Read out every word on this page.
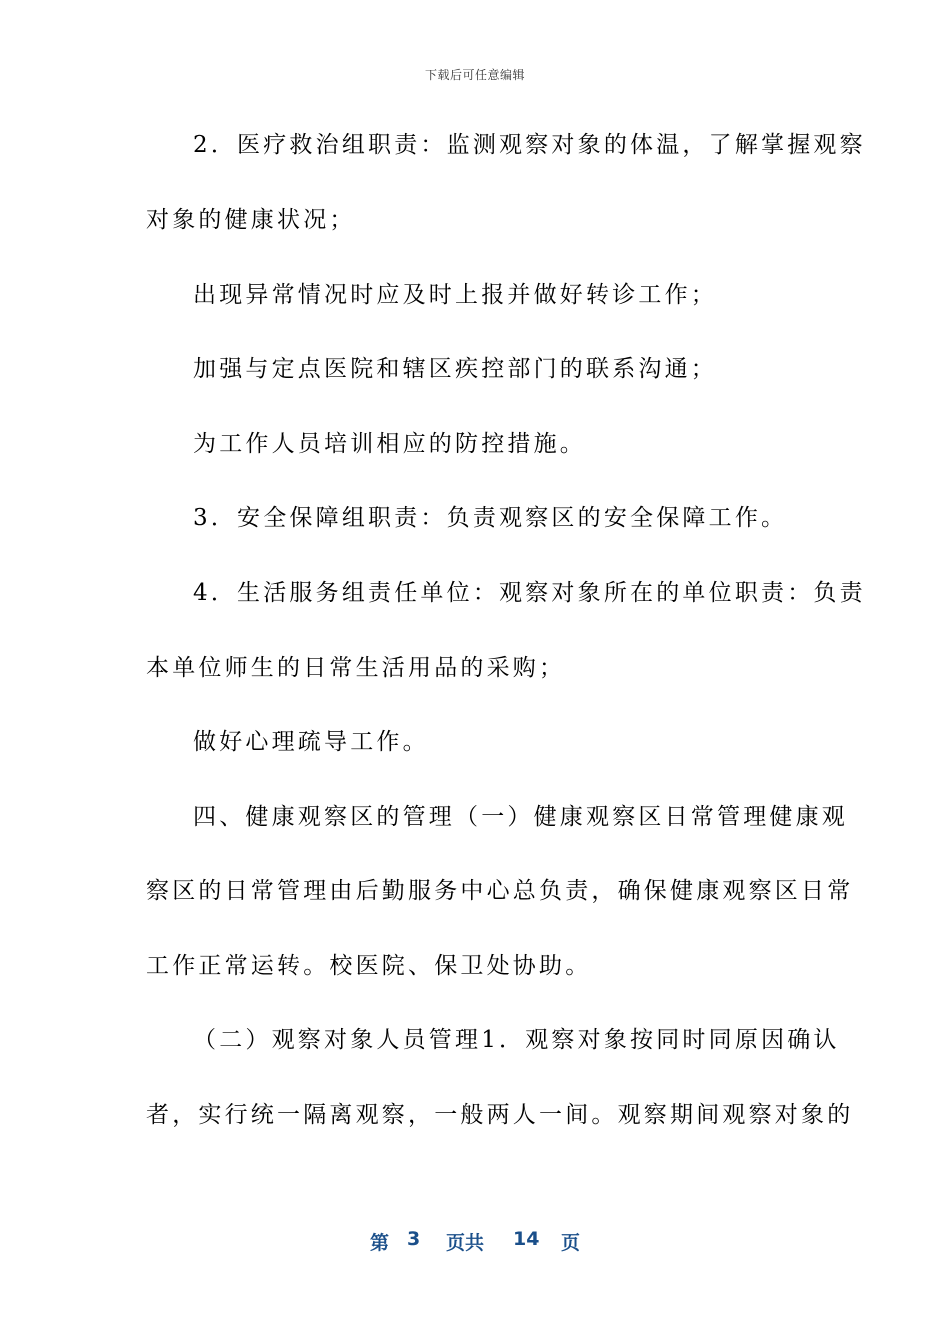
下载后可任意编辑
2．医疗救治组职责：监测观察对象的体温，了解掌握观察
对象的健康状况；
出现异常情况时应及时上报并做好转诊工作；
加强与定点医院和辖区疾控部门的联系沟通；
为工作人员培训相应的防控措施。
3．安全保障组职责：负责观察区的安全保障工作。
4．生活服务组责任单位：观察对象所在的单位职责：负责
本单位师生的日常生活用品的采购；
做好心理疏导工作。
四、健康观察区的管理（一）健康观察区日常管理健康观
察区的日常管理由后勤服务中心总负责，确保健康观察区日常
工作正常运转。校医院、保卫处协助。
（二）观察对象人员管理1．观察对象按同时同原因确认
者，实行统一隔离观察，一般两人一间。观察期间观察对象的
第 3 页共 14 页
